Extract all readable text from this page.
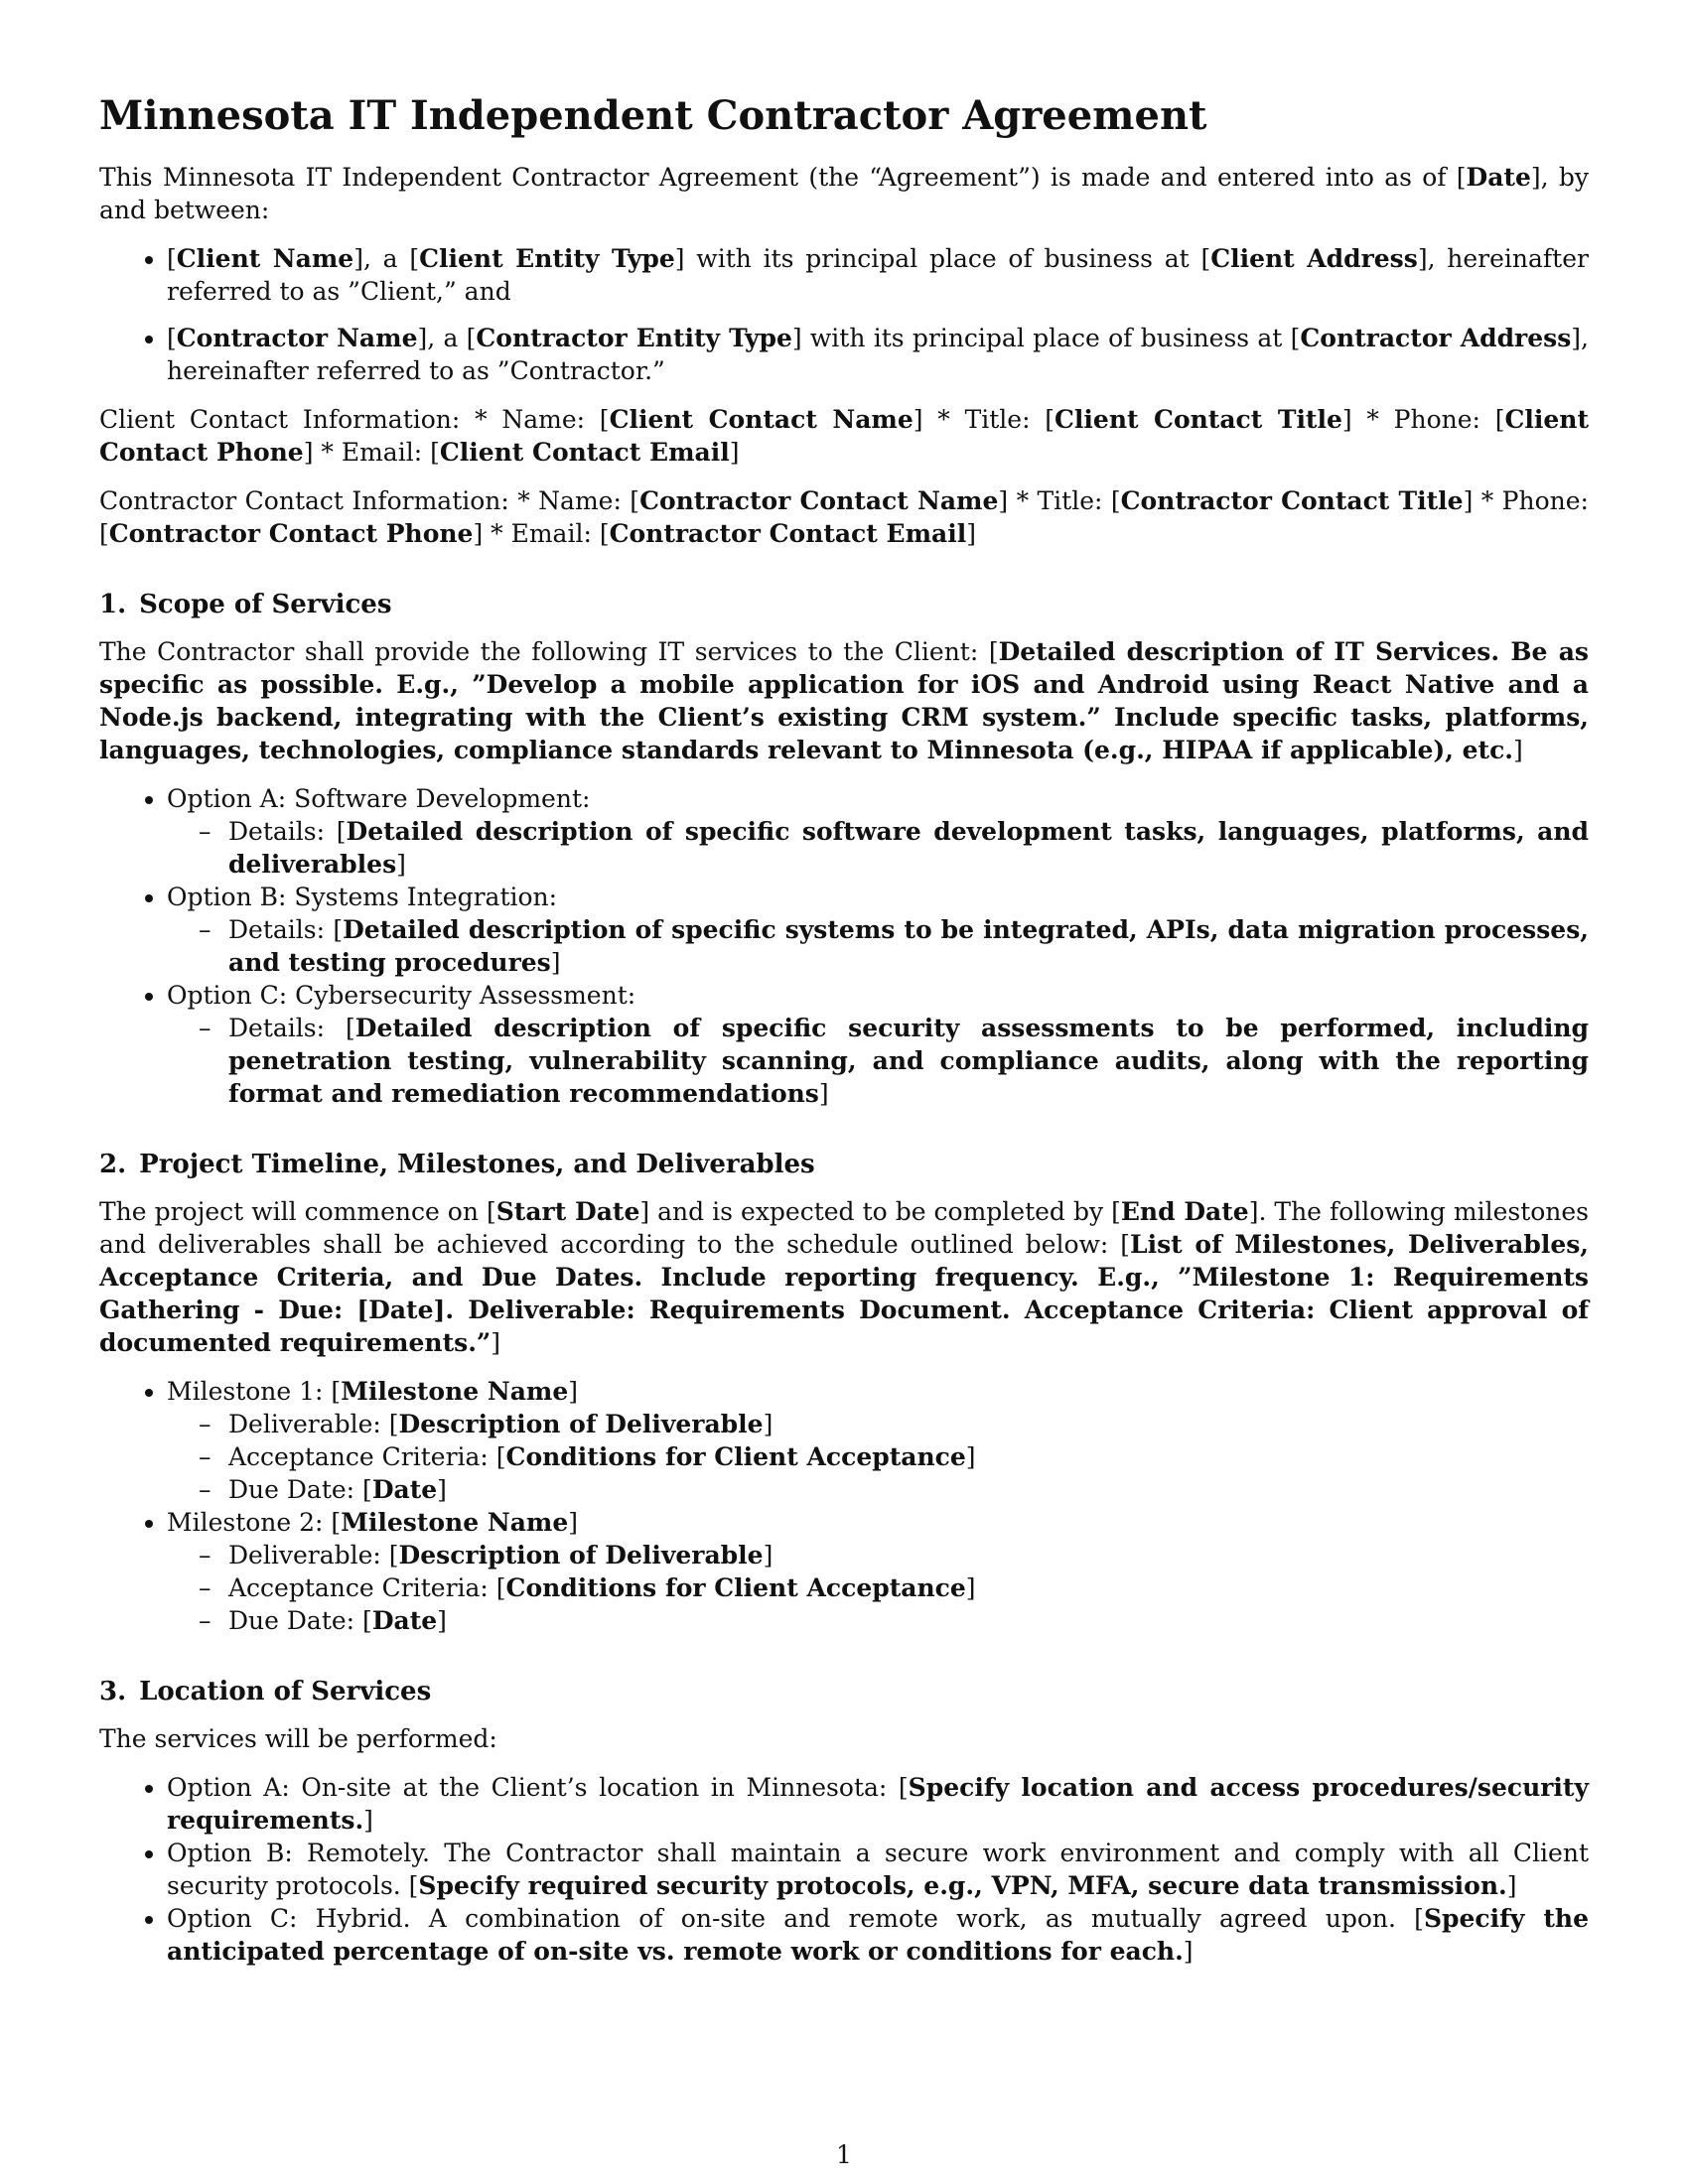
Minnesota IT Independent Contractor Agreement

This Minnesota IT Independent Contractor Agreement (the “Agreement”) is made and entered into as of [Date], by and between:

• [Client Name], a [Client Entity Type] with its principal place of business at [Client Address], hereinafter referred to as ”Client,” and
• [Contractor Name], a [Contractor Entity Type] with its principal place of business at [Contractor Address], hereinafter referred to as ”Contractor.”

Client Contact Information: * Name: [Client Contact Name] * Title: [Client Contact Title] * Phone: [Client Contact Phone] * Email: [Client Contact Email]

Contractor Contact Information: * Name: [Contractor Contact Name] * Title: [Contractor Contact Title] * Phone: [Contractor Contact Phone] * Email: [Contractor Contact Email]

1. Scope of Services

The Contractor shall provide the following IT services to the Client: [Detailed description of IT Services. Be as specific as possible. E.g., ”Develop a mobile application for iOS and Android using React Native and a Node.js backend, integrating with the Client’s existing CRM system.” Include specific tasks, platforms, languages, technologies, compliance standards relevant to Minnesota (e.g., HIPAA if applicable), etc.]

• Option A: Software Development:
– Details: [Detailed description of specific software development tasks, languages, platforms, and deliverables]
• Option B: Systems Integration:
– Details: [Detailed description of specific systems to be integrated, APIs, data migration processes, and testing procedures]
• Option C: Cybersecurity Assessment:
– Details: [Detailed description of specific security assessments to be performed, including penetration testing, vulnerability scanning, and compliance audits, along with the reporting format and remediation recommendations]
2. Project Timeline, Milestones, and Deliverables

The project will commence on [Start Date] and is expected to be completed by [End Date]. The following milestones and deliverables shall be achieved according to the schedule outlined below: [List of Milestones, Deliverables, Acceptance Criteria, and Due Dates. Include reporting frequency. E.g., ”Milestone 1: Requirements Gathering - Due: [Date]. Deliverable: Requirements Document. Acceptance Criteria: Client approval of documented requirements.”]

• Milestone 1: [Milestone Name]
– Deliverable: [Description of Deliverable]
– Acceptance Criteria: [Conditions for Client Acceptance]
– Due Date: [Date]
• Milestone 2: [Milestone Name]
– Deliverable: [Description of Deliverable]
– Acceptance Criteria: [Conditions for Client Acceptance]
– Due Date: [Date]
3. Location of Services

The services will be performed:

• Option A: On-site at the Client’s location in Minnesota: [Specify location and access procedures/security requirements.]
• Option B: Remotely. The Contractor shall maintain a secure work environment and comply with all Client security protocols. [Specify required security protocols, e.g., VPN, MFA, secure data transmission.]
• Option C: Hybrid. A combination of on-site and remote work, as mutually agreed upon. [Specify the anticipated percentage of on-site vs. remote work or conditions for each.]
1
